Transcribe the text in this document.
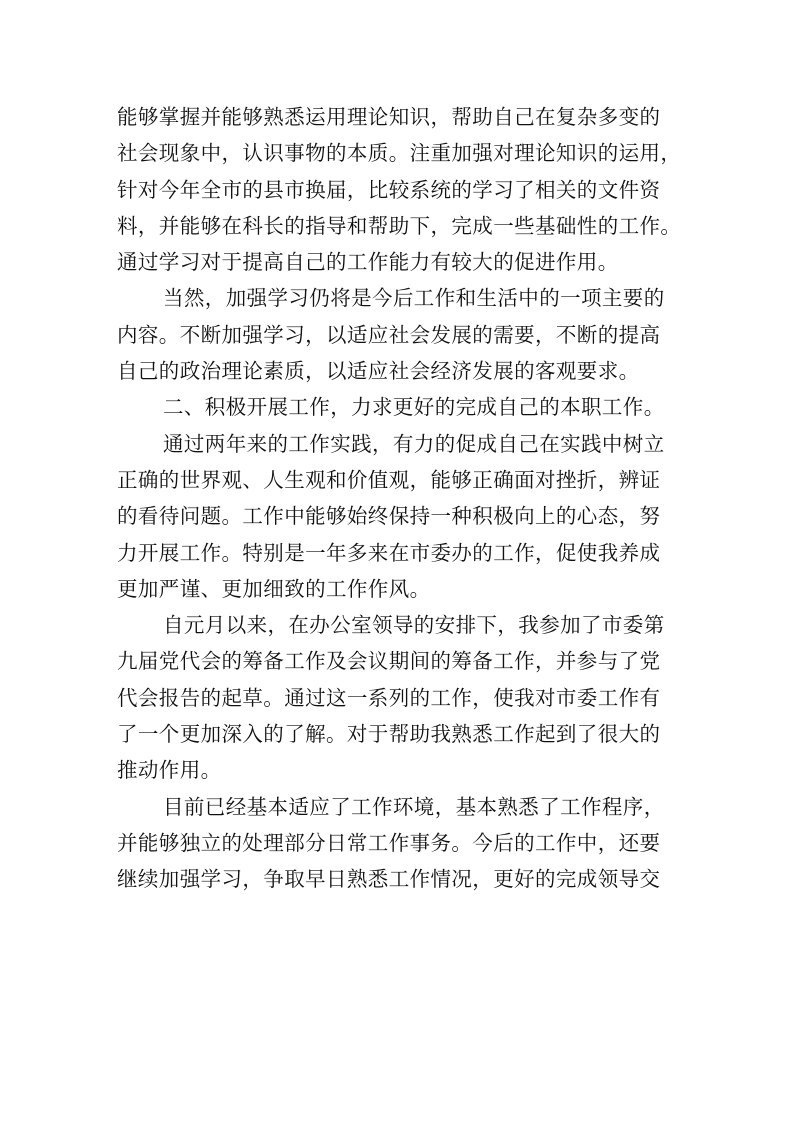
能够掌握并能够熟悉运用理论知识，帮助自己在复杂多变的
社会现象中，认识事物的本质。注重加强对理论知识的运用，
针对今年全市的县市换届，比较系统的学习了相关的文件资
料，并能够在科长的指导和帮助下，完成一些基础性的工作。
通过学习对于提高自己的工作能力有较大的促进作用。
当然，加强学习仍将是今后工作和生活中的一项主要的
内容。不断加强学习，以适应社会发展的需要，不断的提高
自己的政治理论素质，以适应社会经济发展的客观要求。
二、积极开展工作，力求更好的完成自己的本职工作。
通过两年来的工作实践，有力的促成自己在实践中树立
正确的世界观、人生观和价值观，能够正确面对挫折，辨证
的看待问题。工作中能够始终保持一种积极向上的心态，努
力开展工作。特别是一年多来在市委办的工作，促使我养成
更加严谨、更加细致的工作作风。
自元月以来，在办公室领导的安排下，我参加了市委第
九届党代会的筹备工作及会议期间的筹备工作，并参与了党
代会报告的起草。通过这一系列的工作，使我对市委工作有
了一个更加深入的了解。对于帮助我熟悉工作起到了很大的
推动作用。
目前已经基本适应了工作环境，基本熟悉了工作程序，
并能够独立的处理部分日常工作事务。今后的工作中，还要
继续加强学习，争取早日熟悉工作情况，更好的完成领导交
